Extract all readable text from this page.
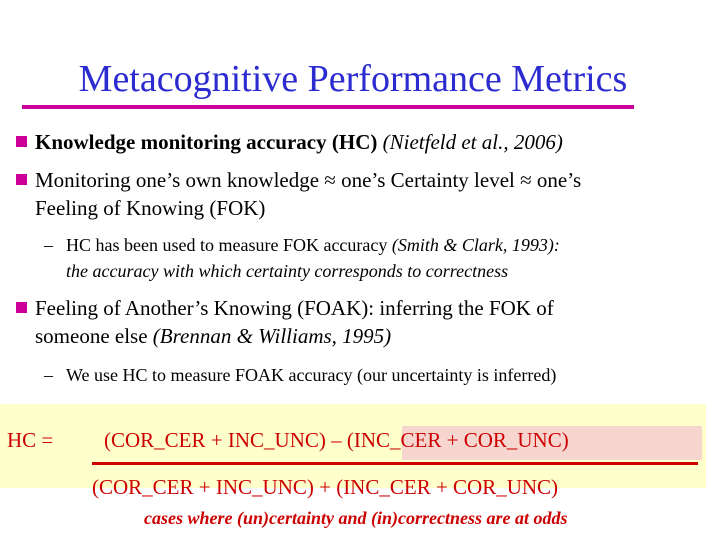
Metacognitive Performance Metrics
Knowledge monitoring accuracy (HC) (Nietfeld et al., 2006)
Monitoring one’s own knowledge ≈ one’s Certainty level ≈ one’s
Feeling of Knowing (FOK)
– HC has been used to measure FOK accuracy (Smith & Clark, 1993):
the accuracy with which certainty corresponds to correctness
Feeling of Another’s Knowing (FOAK): inferring the FOK of
someone else (Brennan & Williams, 1995)
– We use HC to measure FOAK accuracy (our uncertainty is inferred)
HC = (COR_CER + INC_UNC) – (INC_CER + COR_UNC)
(COR_CER + INC_UNC) + (INC_CER + COR_UNC)
cases where (un)certainty and (in)correctness are at odds
